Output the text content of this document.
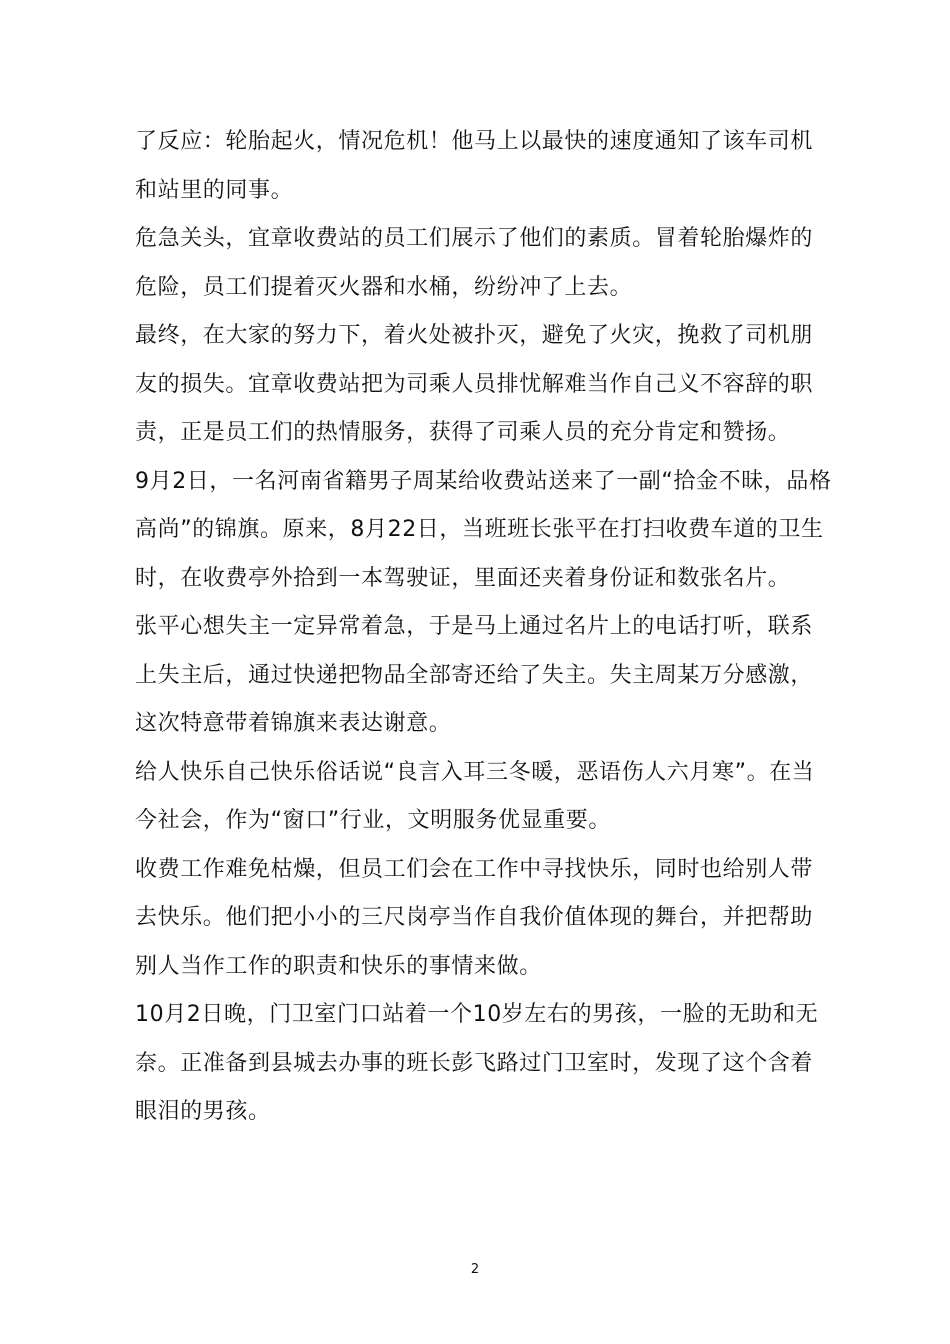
了反应：轮胎起火，情况危机！他马上以最快的速度通知了该车司机和站里的同事。

危急关头，宜章收费站的员工们展示了他们的素质。冒着轮胎爆炸的危险，员工们提着灭火器和水桶，纷纷冲了上去。

最终，在大家的努力下，着火处被扑灭，避免了火灾，挽救了司机朋友的损失。宜章收费站把为司乘人员排忧解难当作自己义不容辞的职责，正是员工们的热情服务，获得了司乘人员的充分肯定和赞扬。

9月2日，一名河南省籍男子周某给收费站送来了一副“拾金不昧，品格高尚”的锦旗。原来，8月22日，当班班长张平在打扫收费车道的卫生时，在收费亭外拾到一本驾驶证，里面还夹着身份证和数张名片。

张平心想失主一定异常着急，于是马上通过名片上的电话打听，联系上失主后，通过快递把物品全部寄还给了失主。失主周某万分感激，这次特意带着锦旗来表达谢意。

给人快乐自己快乐俗话说“良言入耳三冬暖，恶语伤人六月寒”。在当今社会，作为“窗口”行业，文明服务优显重要。

收费工作难免枯燥，但员工们会在工作中寻找快乐，同时也给别人带去快乐。他们把小小的三尺岗亭当作自我价值体现的舞台，并把帮助别人当作工作的职责和快乐的事情来做。

10月2日晚，门卫室门口站着一个10岁左右的男孩，一脸的无助和无奈。正准备到县城去办事的班长彭飞路过门卫室时，发现了这个含着眼泪的男孩。

2
